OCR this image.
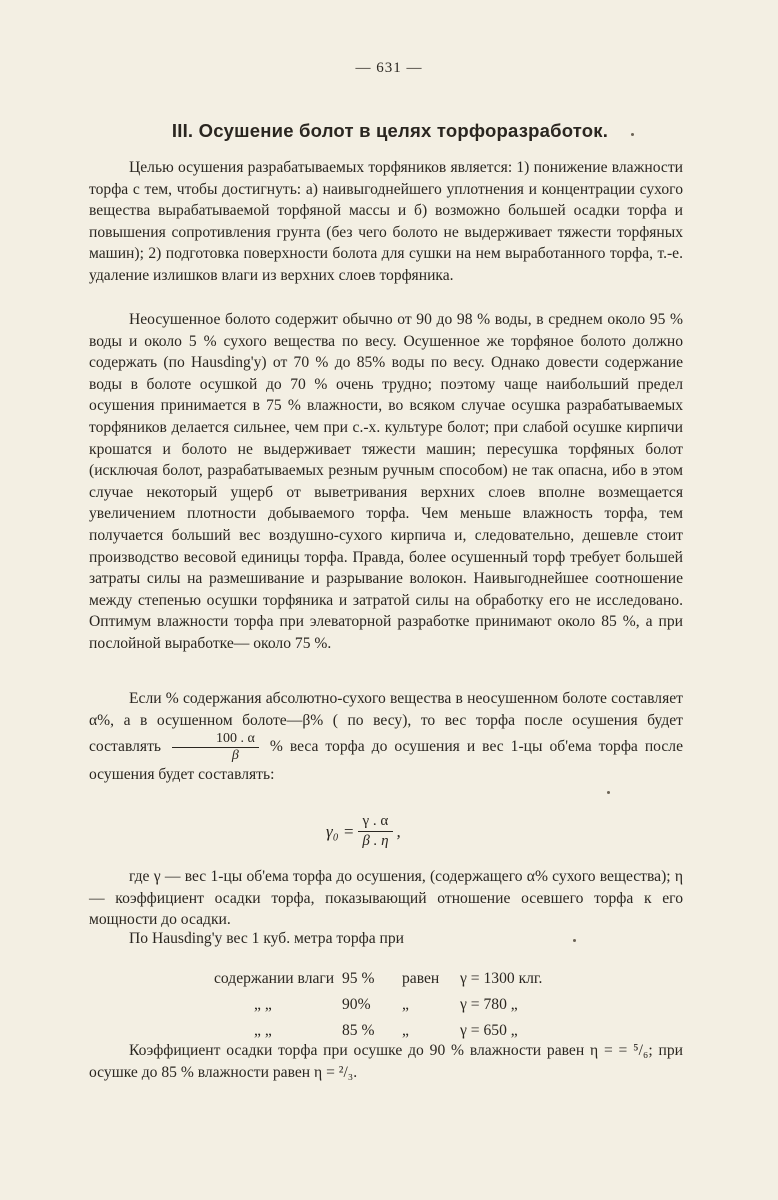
— 631 —
III. Осушение болот в целях торфоразработок.

Целью осушения разрабатываемых торфяников является: 1) понижение влажности торфа с тем, чтобы достигнуть: а) наивыгоднейшего уплотнения и концентрации сухого вещества вырабатываемой торфяной массы и б) возможно большей осадки торфа и повышения сопротивления грунта (без чего болото не выдерживает тяжести торфяных машин); 2) подготовка поверхности болота для сушки на нем выработанного торфа, т.-е. удаление излишков влаги из верхних слоев торфяника.

Неосушенное болото содержит обычно от 90 до 98 % воды, в среднем около 95 % воды и около 5 % сухого вещества по весу. Осушенное же торфяное болото должно содержать (по Hausding'у) от 70 % до 85% воды по весу. Однако довести содержание воды в болоте осушкой до 70 % очень трудно; поэтому чаще наибольший предел осушения принимается в 75 % влажности, во всяком случае осушка разрабатываемых торфяников делается сильнее, чем при с.-х. культуре болот; при слабой осушке кирпичи крошатся и болото не выдерживает тяжести машин; пересушка торфяных болот (исключая болот, разрабатываемых резным ручным способом) не так опасна, ибо в этом случае некоторый ущерб от выветривания верхних слоев вполне возмещается увеличением плотности добываемого торфа. Чем меньше влажность торфа, тем получается больший вес воздушно-сухого кирпича и, следовательно, дешевле стоит производство весовой единицы торфа. Правда, более осушенный торф требует большей затраты силы на размешивание и разрывание волокон. Наивыгоднейшее соотношение между степенью осушки торфяника и затратой силы на обработку его не исследовано. Оптимум влажности торфа при элеваторной разработке принимают около 85 %, а при послойной выработке— около 75 %.

Если % содержания абсолютно-сухого вещества в неосушенном болоте составляет α%, а в осушенном болоте—β% ( по весу), то вес торфа после осушения будет составлять $\frac{100 . \alpha}{\beta}$ % веса торфа до осушения и вес 1-цы об'ема торфа после осушения будет составлять:

$\gamma_0 = \frac{\gamma . \alpha}{\beta . \eta}$ ,

где γ — вес 1-цы об'ема торфа до осушения, (содержащего α% сухого вещества); η — коэффициент осадки торфа, показывающий отношение осевшего торфа к его мощности до осадки.

По Hausding'у вес 1 куб. метра торфа при

содержании влаги 95 %	равен	γ = 1300 клг.
„ „	90%	„	γ = 780 „
„ „	85 %	„	γ = 650 „

Коэффициент осадки торфа при осушке до 90 % влажности равен η = = ⁵/₆; при осушке до 85 % влажности равен η = ²/₃.
